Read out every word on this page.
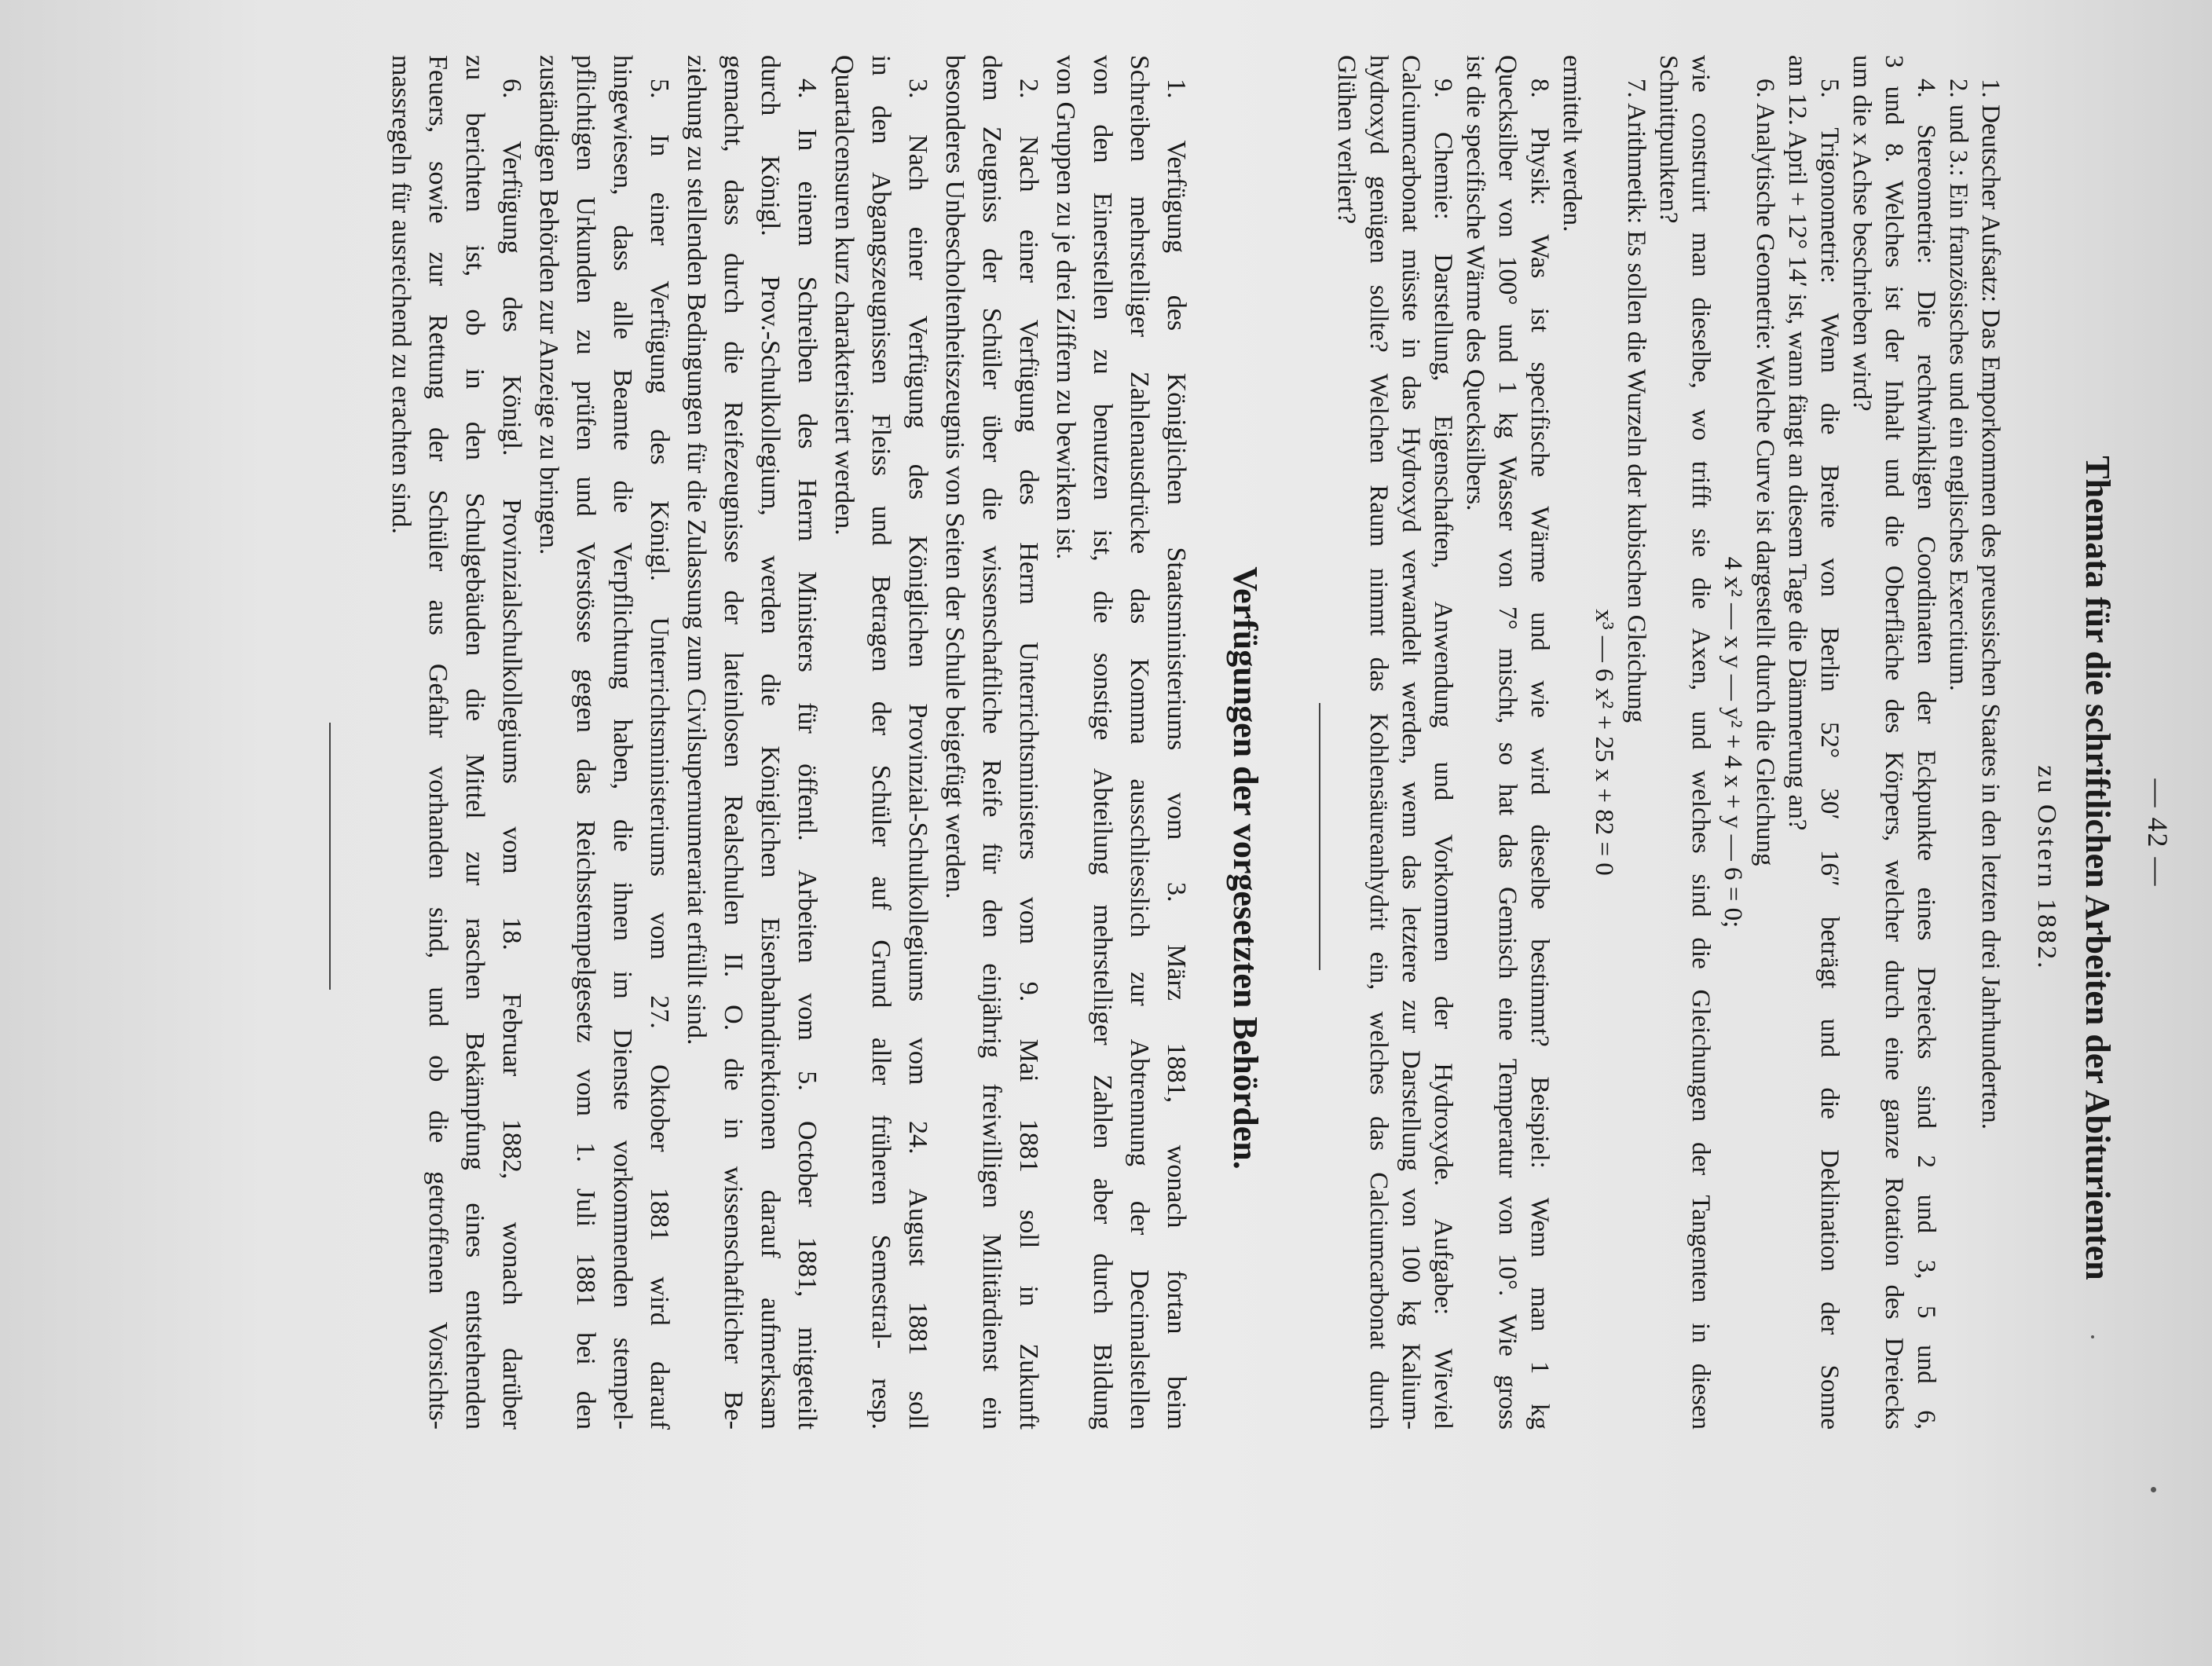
— 42 —
Themata für die schriftlichen Arbeiten der Abiturienten
zu Ostern 1882.
1. Deutscher Aufsatz: Das Emporkommen des preussischen Staates in den letzten drei Jahrhunderten.
2. und 3.: Ein französisches und ein englisches Exercitium.
4. Stereometrie: Die rechtwinkligen Coordinaten der Eckpunkte eines Dreiecks sind 2 und 3, 5 und 6,
3 und 8. Welches ist der Inhalt und die Oberfläche des Körpers, welcher durch eine ganze Rotation des Dreiecks
um die x Achse beschrieben wird?
5. Trigonometrie: Wenn die Breite von Berlin 52° 30′ 16″ beträgt und die Deklination der Sonne
am 12. April + 12° 14′ ist, wann fängt an diesem Tage die Dämmerung an?
6. Analytische Geometrie: Welche Curve ist dargestellt durch die Gleichung
4 x² — x y — y² + 4 x + y — 6 = 0;
wie construirt man dieselbe, wo trifft sie die Axen, und welches sind die Gleichungen der Tangenten in diesen
Schnittpunkten?
7. Arithmetik: Es sollen die Wurzeln der kubischen Gleichung
x³ — 6 x² + 25 x + 82 = 0
ermittelt werden.
8. Physik: Was ist specifische Wärme und wie wird dieselbe bestimmt? Beispiel: Wenn man 1 kg
Quecksilber von 100° und 1 kg Wasser von 7° mischt, so hat das Gemisch eine Temperatur von 10°. Wie gross
ist die specifische Wärme des Quecksilbers.
9. Chemie: Darstellung, Eigenschaften, Anwendung und Vorkommen der Hydroxyde. Aufgabe: Wieviel
Calciumcarbonat müsste in das Hydroxyd verwandelt werden, wenn das letztere zur Darstellung von 100 kg Kalium-
hydroxyd genügen sollte? Welchen Raum nimmt das Kohlensäureanhydrit ein, welches das Calciumcarbonat durch
Glühen verliert?
Verfügungen der vorgesetzten Behörden.
1. Verfügung des Königlichen Staatsministeriums vom 3. März 1881, wonach fortan beim
Schreiben mehrstelliger Zahlenausdrücke das Komma ausschliesslich zur Abtrennung der Decimalstellen
von den Einerstellen zu benutzen ist, die sonstige Abteilung mehrstelliger Zahlen aber durch Bildung
von Gruppen zu je drei Ziffern zu bewirken ist.
2. Nach einer Verfügung des Herrn Unterrichtsministers vom 9. Mai 1881 soll in Zukunft
dem Zeugniss der Schüler über die wissenschaftliche Reife für den einjährig freiwilligen Militärdienst ein
besonderes Unbescholtenheitszeugnis von Seiten der Schule beigefügt werden.
3. Nach einer Verfügung des Königlichen Provinzial-Schulkollegiums vom 24. August 1881 soll
in den Abgangszeugnissen Fleiss und Betragen der Schüler auf Grund aller früheren Semestral- resp.
Quartalcensuren kurz charakterisiert werden.
4. In einem Schreiben des Herrn Ministers für öffentl. Arbeiten vom 5. October 1881, mitgeteilt
durch Königl. Prov.-Schulkollegium, werden die Königlichen Eisenbahndirektionen darauf aufmerksam
gemacht, dass durch die Reifezeugnisse der lateinlosen Realschulen II. O. die in wissenschaftlicher Be-
ziehung zu stellenden Bedingungen für die Zulassung zum Civilsupernumerariat erfüllt sind.
5. In einer Verfügung des Königl. Unterrichtsministeriums vom 27. Oktober 1881 wird darauf
hingewiesen, dass alle Beamte die Verpflichtung haben, die ihnen im Dienste vorkommenden stempel-
pflichtigen Urkunden zu prüfen und Verstösse gegen das Reichsstempelgesetz vom 1. Juli 1881 bei den
zuständigen Behörden zur Anzeige zu bringen.
6. Verfügung des Königl. Provinzialschulkollegiums vom 18. Februar 1882, wonach darüber
zu berichten ist, ob in den Schulgebäuden die Mittel zur raschen Bekämpfung eines entstehenden
Feuers, sowie zur Rettung der Schüler aus Gefahr vorhanden sind, und ob die getroffenen Vorsichts-
massregeln für ausreichend zu erachten sind.
